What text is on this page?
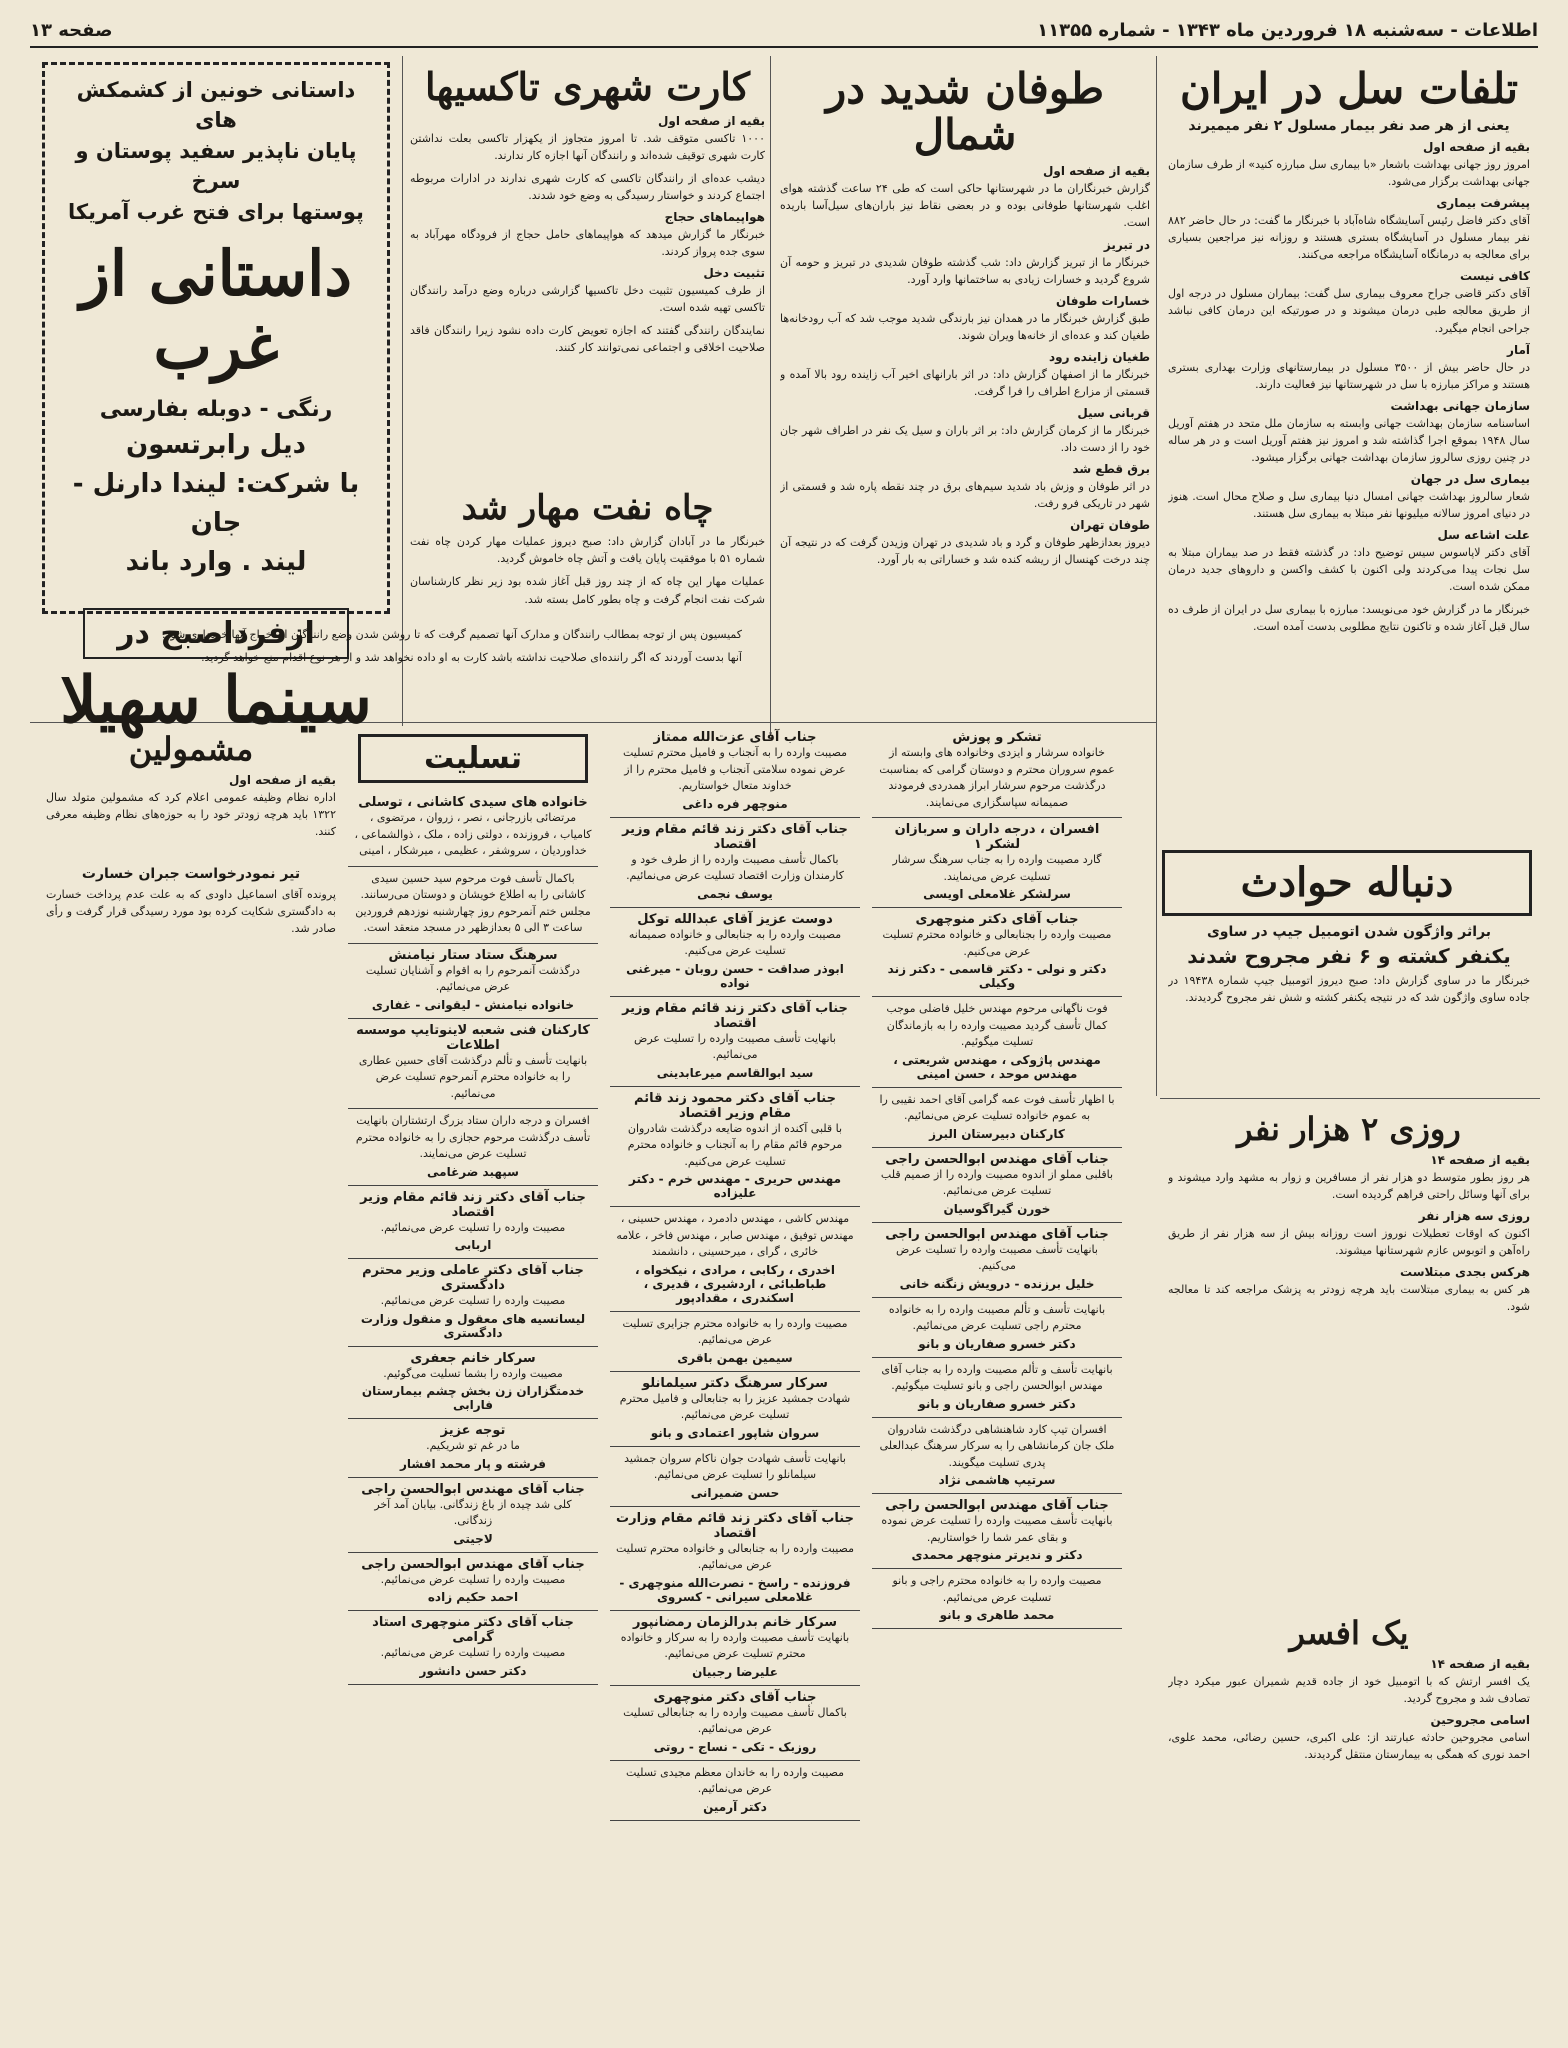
اطلاعات - سه‌شنبه ۱۸ فروردین ماه ۱۳۴۳ - شماره ۱۱۳۵۵
صفحه ۱۳
تلفات سل در ایران
یعنی از هر صد نفر بیمار مسلول ۲ نفر میمیرند
بقیه از صفحه اول

امروز روز جهانی بهداشت باشعار «با بیماری سل مبارزه کنید» از طرف سازمان جهانی بهداشت برگزار می‌شود.

پیشرفت بیماری

آقای دکتر فاضل رئیس آسایشگاه شاه‌آباد با خبرنگار ما گفت: در حال حاضر ۸۸۲ نفر بیمار مسلول در آسایشگاه بستری هستند و روزانه نیز مراجعین بسیاری برای معالجه به درمانگاه آسایشگاه مراجعه می‌کنند.

کافی نیست

آقای دکتر قاضی جراح معروف بیماری سل گفت: بیماران مسلول در درجه اول از طریق معالجه طبی درمان میشوند و در صورتیکه این درمان کافی نباشد جراحی انجام میگیرد.

آمار

در حال حاضر بیش از ۳۵۰۰ مسلول در بیمارستانهای وزارت بهداری بستری هستند و مراکز مبارزه با سل در شهرستانها نیز فعالیت دارند.

سازمان جهانی بهداشت

اساسنامه سازمان بهداشت جهانی وابسته به سازمان ملل متحد در هفتم آوریل سال ۱۹۴۸ بموقع اجرا گذاشته شد و امروز نیز هفتم آوریل است و در هر ساله در چنین روزی سالروز سازمان بهداشت جهانی برگزار میشود.

بیماری سل در جهان

شعار سالروز بهداشت جهانی امسال دنیا بیماری سل و صلاح محال است. هنوز در دنیای امروز سالانه میلیونها نفر مبتلا به بیماری سل هستند.

علت اشاعه سل

آقای دکتر لاپاسوس سیس توضیح داد: در گذشته فقط در صد بیماران مبتلا به سل نجات پیدا می‌کردند ولی اکنون با کشف واکسن و داروهای جدید درمان ممکن شده است.

خبرنگار ما در گزارش خود می‌نویسد: مبارزه با بیماری سل در ایران از طرف ده سال قبل آغاز شده و تاکنون نتایج مطلوبی بدست آمده است.

دنباله حوادث
براثر واژگون شدن اتومبیل جیپ در ساوی
یکنفر کشته و ۶ نفر مجروح شدند

خبرنگار ما در ساوی گزارش داد: صبح دیروز اتومبیل جیپ شماره ۱۹۴۳۸ در جاده ساوی واژگون شد که در نتیجه یکنفر کشته و شش نفر مجروح گردیدند.

روزی ۲ هزار نفر
بقیه از صفحه ۱۴

هر روز بطور متوسط دو هزار نفر از مسافرین و زوار به مشهد وارد میشوند و برای آنها وسائل راحتی فراهم گردیده است.

روزی سه هزار نفر

اکنون که اوقات تعطیلات نوروز است روزانه بیش از سه هزار نفر از طریق راه‌آهن و اتوبوس عازم شهرستانها میشوند.

هرکس بجدی مبتلاست

هر کس به بیماری مبتلاست باید هرچه زودتر به پزشک مراجعه کند تا معالجه شود.

یک افسر
بقیه از صفحه ۱۴

یک افسر ارتش که با اتومبیل خود از جاده قدیم شمیران عبور میکرد دچار تصادف شد و مجروح گردید.

اسامی مجروحین

اسامی مجروحین حادثه عبارتند از: علی اکبری، حسین رضائی، محمد علوی، احمد نوری که همگی به بیمارستان منتقل گردیدند.

طوفان شدید در شمال
بقیه از صفحه اول

گزارش خبرنگاران ما در شهرستانها حاکی است که طی ۲۴ ساعت گذشته هوای اغلب شهرستانها طوفانی بوده و در بعضی نقاط نیز باران‌های سیل‌آسا باریده است.

در تبریز

خبرنگار ما از تبریز گزارش داد: شب گذشته طوفان شدیدی در تبریز و حومه آن شروع گردید و خسارات زیادی به ساختمانها وارد آورد.

خسارات طوفان

طبق گزارش خبرنگار ما در همدان نیز بارندگی شدید موجب شد که آب رودخانه‌ها طغیان کند و عده‌ای از خانه‌ها ویران شوند.

طغیان زاینده رود

خبرنگار ما از اصفهان گزارش داد: در اثر بارانهای اخیر آب زاینده رود بالا آمده و قسمتی از مزارع اطراف را فرا گرفت.

قربانی سیل

خبرنگار ما از کرمان گزارش داد: بر اثر باران و سیل یک نفر در اطراف شهر جان خود را از دست داد.

برق قطع شد

در اثر طوفان و وزش باد شدید سیم‌های برق در چند نقطه پاره شد و قسمتی از شهر در تاریکی فرو رفت.

طوفان تهران

دیروز بعدازظهر طوفان و گرد و باد شدیدی در تهران وزیدن گرفت که در نتیجه آن چند درخت کهنسال از ریشه کنده شد و خساراتی به بار آورد.

کارت شهری تاکسیها
بقیه از صفحه اول

۱۰۰۰ تاکسی متوقف شد. تا امروز متجاوز از یکهزار تاکسی بعلت نداشتن کارت شهری توقیف شده‌اند و رانندگان آنها اجازه کار ندارند.

دیشب عده‌ای از رانندگان تاکسی که کارت شهری ندارند در ادارات مربوطه اجتماع کردند و خواستار رسیدگی به وضع خود شدند.

هواپیماهای حجاج

خبرنگار ما گزارش میدهد که هواپیماهای حامل حجاج از فرودگاه مهرآباد به سوی جده پرواز کردند.

تثبیت دخل

از طرف کمیسیون تثبیت دخل تاکسیها گزارشی درباره وضع درآمد رانندگان تاکسی تهیه شده است.

نمایندگان رانندگی گفتند که اجازه تعویض کارت داده نشود زیرا رانندگان فاقد صلاحیت اخلاقی و اجتماعی نمی‌توانند کار کنند.

چاه نفت مهار شد

خبرنگار ما در آبادان گزارش داد: صبح دیروز عملیات مهار کردن چاه نفت شماره ۵۱ با موفقیت پایان یافت و آتش چاه خاموش گردید.

عملیات مهار این چاه که از چند روز قبل آغاز شده بود زیر نظر کارشناسان شرکت نفت انجام گرفت و چاه بطور کامل بسته شد.

داستانی خونین از کشمکش های
پایان ناپذیر سفید پوستان و سرخ
پوستها برای فتح غرب آمریکا
داستانی از غرب
رنگی - دوبله بفارسی
دیل رابرتسون
با شرکت: لیندا دارنل - جان
لیند . وارد باند
ازفرداصبح در
سینما سهیلا

کمیسیون پس از توجه بمطالب رانندگان و مدارک آنها تصمیم گرفت که تا روشن شدن وضع رانندگان از اخراج آنها خودداری شود.

آنها بدست آوردند که اگر راننده‌ای صلاحیت نداشته باشد کارت به او داده نخواهد شد و از هر نوع اقدام منع خواهد گردید.

تشکر و پوزش
خانواده سرشار و ایزدی وخانواده های وابسته از عموم سروران محترم و دوستان گرامی که بمناسبت درگذشت مرحوم سرشار ابراز همدردی فرمودند صمیمانه سپاسگزاری می‌نمایند.
افسران ، درجه داران و سربازان لشکر ۱
گارد مصیبت وارده را به جناب سرهنگ سرشار تسلیت عرض می‌نمایند.
سرلشکر غلامعلی اویسی
جناب آقای دکتر منوچهری
مصیبت وارده را بجنابعالی و خانواده محترم تسلیت عرض می‌کنیم.
دکتر و نولی - دکتر قاسمی - دکتر زند وکیلی
فوت ناگهانی مرحوم مهندس خلیل فاضلی موجب کمال تأسف گردید مصیبت وارده را به بازماندگان تسلیت میگوئیم.
مهندس پاژوکی ، مهندس شریعتی ، مهندس موحد ، حسن امینی
با اظهار تأسف فوت عمه گرامی آقای احمد نقیبی را به عموم خانواده تسلیت عرض می‌نمائیم.
کارکنان دبیرستان البرز
جناب آقای مهندس ابوالحسن راجی
باقلبی مملو از اندوه مصیبت وارده را از صمیم قلب تسلیت عرض می‌نمائیم.
خورن گیراگوسیان
جناب آقای مهندس ابوالحسن راجی
بانهایت تأسف مصیبت وارده را تسلیت عرض می‌کنیم.
خلیل برزنده - درویش زنگنه خانی
بانهایت تأسف و تألم مصیبت وارده را به خانواده محترم راجی تسلیت عرض می‌نمائیم.
دکتر خسرو صفاریان و بانو
بانهایت تأسف و تألم مصیبت وارده را به جناب آقای مهندس ابوالحسن راجی و بانو تسلیت میگوئیم.
دکتر خسرو صفاریان و بانو
افسران تیپ کارد شاهنشاهی درگذشت شادروان ملک جان کرمانشاهی را به سرکار سرهنگ عبدالعلی پدری تسلیت میگویند.
سرتیپ هاشمی نژاد
جناب آقای مهندس ابوالحسن راجی
بانهایت تأسف مصیبت وارده را تسلیت عرض نموده و بقای عمر شما را خواستاریم.
دکتر و ندیرتر منوچهر محمدی
مصیبت وارده را به خانواده محترم راجی و بانو تسلیت عرض می‌نمائیم.
محمد طاهری و بانو
جناب آقای عزت‌الله ممتاز
مصیبت وارده را به آنجناب و فامیل محترم تسلیت عرض نموده سلامتی آنجناب و فامیل محترم را از خداوند متعال خواستاریم.
منوچهر فره داغی
جناب آقای دکتر زند قائم مقام وزیر اقتصاد
باکمال تأسف مصیبت وارده را از طرف خود و کارمندان وزارت اقتصاد تسلیت عرض می‌نمائیم.
یوسف نجمی
دوست عزیز آقای عبدالله توکل
مصیبت وارده را به جنابعالی و خانواده صمیمانه تسلیت عرض می‌کنیم.
ابوذر صداقت - حسن روبان - میرغنی نواده
جناب آقای دکتر زند قائم مقام وزیر اقتصاد
بانهایت تأسف مصیبت وارده را تسلیت عرض می‌نمائیم.
سید ابوالقاسم میرعابدینی
جناب آقای دکتر محمود زند قائم مقام وزیر اقتصاد
با قلبی آکنده از اندوه ضایعه درگذشت شادروان مرحوم قائم مقام را به آنجناب و خانواده محترم تسلیت عرض می‌کنیم.
مهندس حریری - مهندس خرم - دکتر علیزاده
مهندس کاشی ، مهندس دادمرد ، مهندس حسینی ، مهندس توفیق ، مهندس صابر ، مهندس فاخر ، علامه خائری ، گرای ، میرحسینی ، دانشمند
اخدری ، رکابی ، مرادی ، نیکخواه ، طباطبائی ، اردشیری ، قدیری ، اسکندری ، مقدادپور
مصیبت وارده را به خانواده محترم جزایری تسلیت عرض می‌نمائیم.
سیمین بهمن باقری
سرکار سرهنگ دکتر سیلمانلو
شهادت جمشید عزیز را به جنابعالی و فامیل محترم تسلیت عرض می‌نمائیم.
سروان شاپور اعتمادی و بانو
بانهایت تأسف شهادت جوان ناکام سروان جمشید سیلمانلو را تسلیت عرض می‌نمائیم.
حسن ضمیرانی
جناب آقای دکتر زند قائم مقام وزارت اقتصاد
مصیبت وارده را به جنابعالی و خانواده محترم تسلیت عرض می‌نمائیم.
فروزنده - راسخ - نصرت‌الله منوچهری - غلامعلی سیرانی - کسروی
سرکار خانم بدرالزمان رمضانپور
بانهایت تأسف مصیبت وارده را به سرکار و خانواده محترم تسلیت عرض می‌نمائیم.
علیرضا رجبیان
جناب آقای دکتر منوچهری
باکمال تأسف مصیبت وارده را به جنابعالی تسلیت عرض می‌نمائیم.
روزبک - تکی - نساج - روتی
مصیبت وارده را به خاندان معظم مجیدی تسلیت عرض می‌نمائیم.
دکتر آرمین
تسلیت
خانواده های سیدی کاشانی ، توسلی
مرتضائی بازرجانی ، نصر ، زروان ، مرتضوی ، کامیاب ، فروزنده ، دولتی زاده ، ملک ، ذوالشماعی ، خداوردیان ، سروشفر ، عظیمی ، میرشکار ، امینی
باکمال تأسف فوت مرحوم سید حسین سیدی کاشانی را به اطلاع خویشان و دوستان می‌رسانند. مجلس ختم آنمرحوم روز چهارشنبه نوزدهم فروردین ساعت ۳ الی ۵ بعدازظهر در مسجد منعقد است.
سرهنگ ستاد ستار نیامنش
درگذشت آنمرحوم را به اقوام و آشنایان تسلیت عرض می‌نمائیم.
خانواده نیامنش - لیقوانی - غفاری
کارکنان فنی شعبه لاینوتایپ موسسه اطلاعات
بانهایت تأسف و تألم درگذشت آقای حسین عطاری را به خانواده محترم آنمرحوم تسلیت عرض می‌نمائیم.
افسران و درجه داران ستاد بزرگ ارتشتاران بانهایت تأسف درگذشت مرحوم حجازی را به خانواده محترم تسلیت عرض می‌نمایند.
سپهبد ضرغامی
جناب آقای دکتر زند قائم مقام وزیر اقتصاد
مصیبت وارده را تسلیت عرض می‌نمائیم.
اربابی
جناب آقای دکتر عاملی وزیر محترم دادگستری
مصیبت وارده را تسلیت عرض می‌نمائیم.
لیسانسیه های معقول و منقول وزارت دادگستری
سرکار خانم جعفری
مصیبت وارده را بشما تسلیت می‌گوئیم.
خدمتگزاران زن بخش چشم بیمارستان فارابی
توجه عزیز
ما در غم تو شریکیم.
فرشته و پار محمد افشار
جناب آقای مهندس ابوالحسن راجی
کلی شد چیده از باغ زندگانی. بیابان آمد آخر زندگانی.
لاجیتی
جناب آقای مهندس ابوالحسن راجی
مصیبت وارده را تسلیت عرض می‌نمائیم.
احمد حکیم زاده
جناب آقای دکتر منوچهری استاد گرامی
مصیبت وارده را تسلیت عرض می‌نمائیم.
دکتر حسن دانشور
مشمولین
بقیه از صفحه اول

اداره نظام وظیفه عمومی اعلام کرد که مشمولین متولد سال ۱۳۲۲ باید هرچه زودتر خود را به حوزه‌های نظام وظیفه معرفی کنند.

تیر نمودرخواست جبران خسارت

پرونده آقای اسماعیل داودی که به علت عدم پرداخت خسارت به دادگستری شکایت کرده بود مورد رسیدگی قرار گرفت و رأی صادر شد.
